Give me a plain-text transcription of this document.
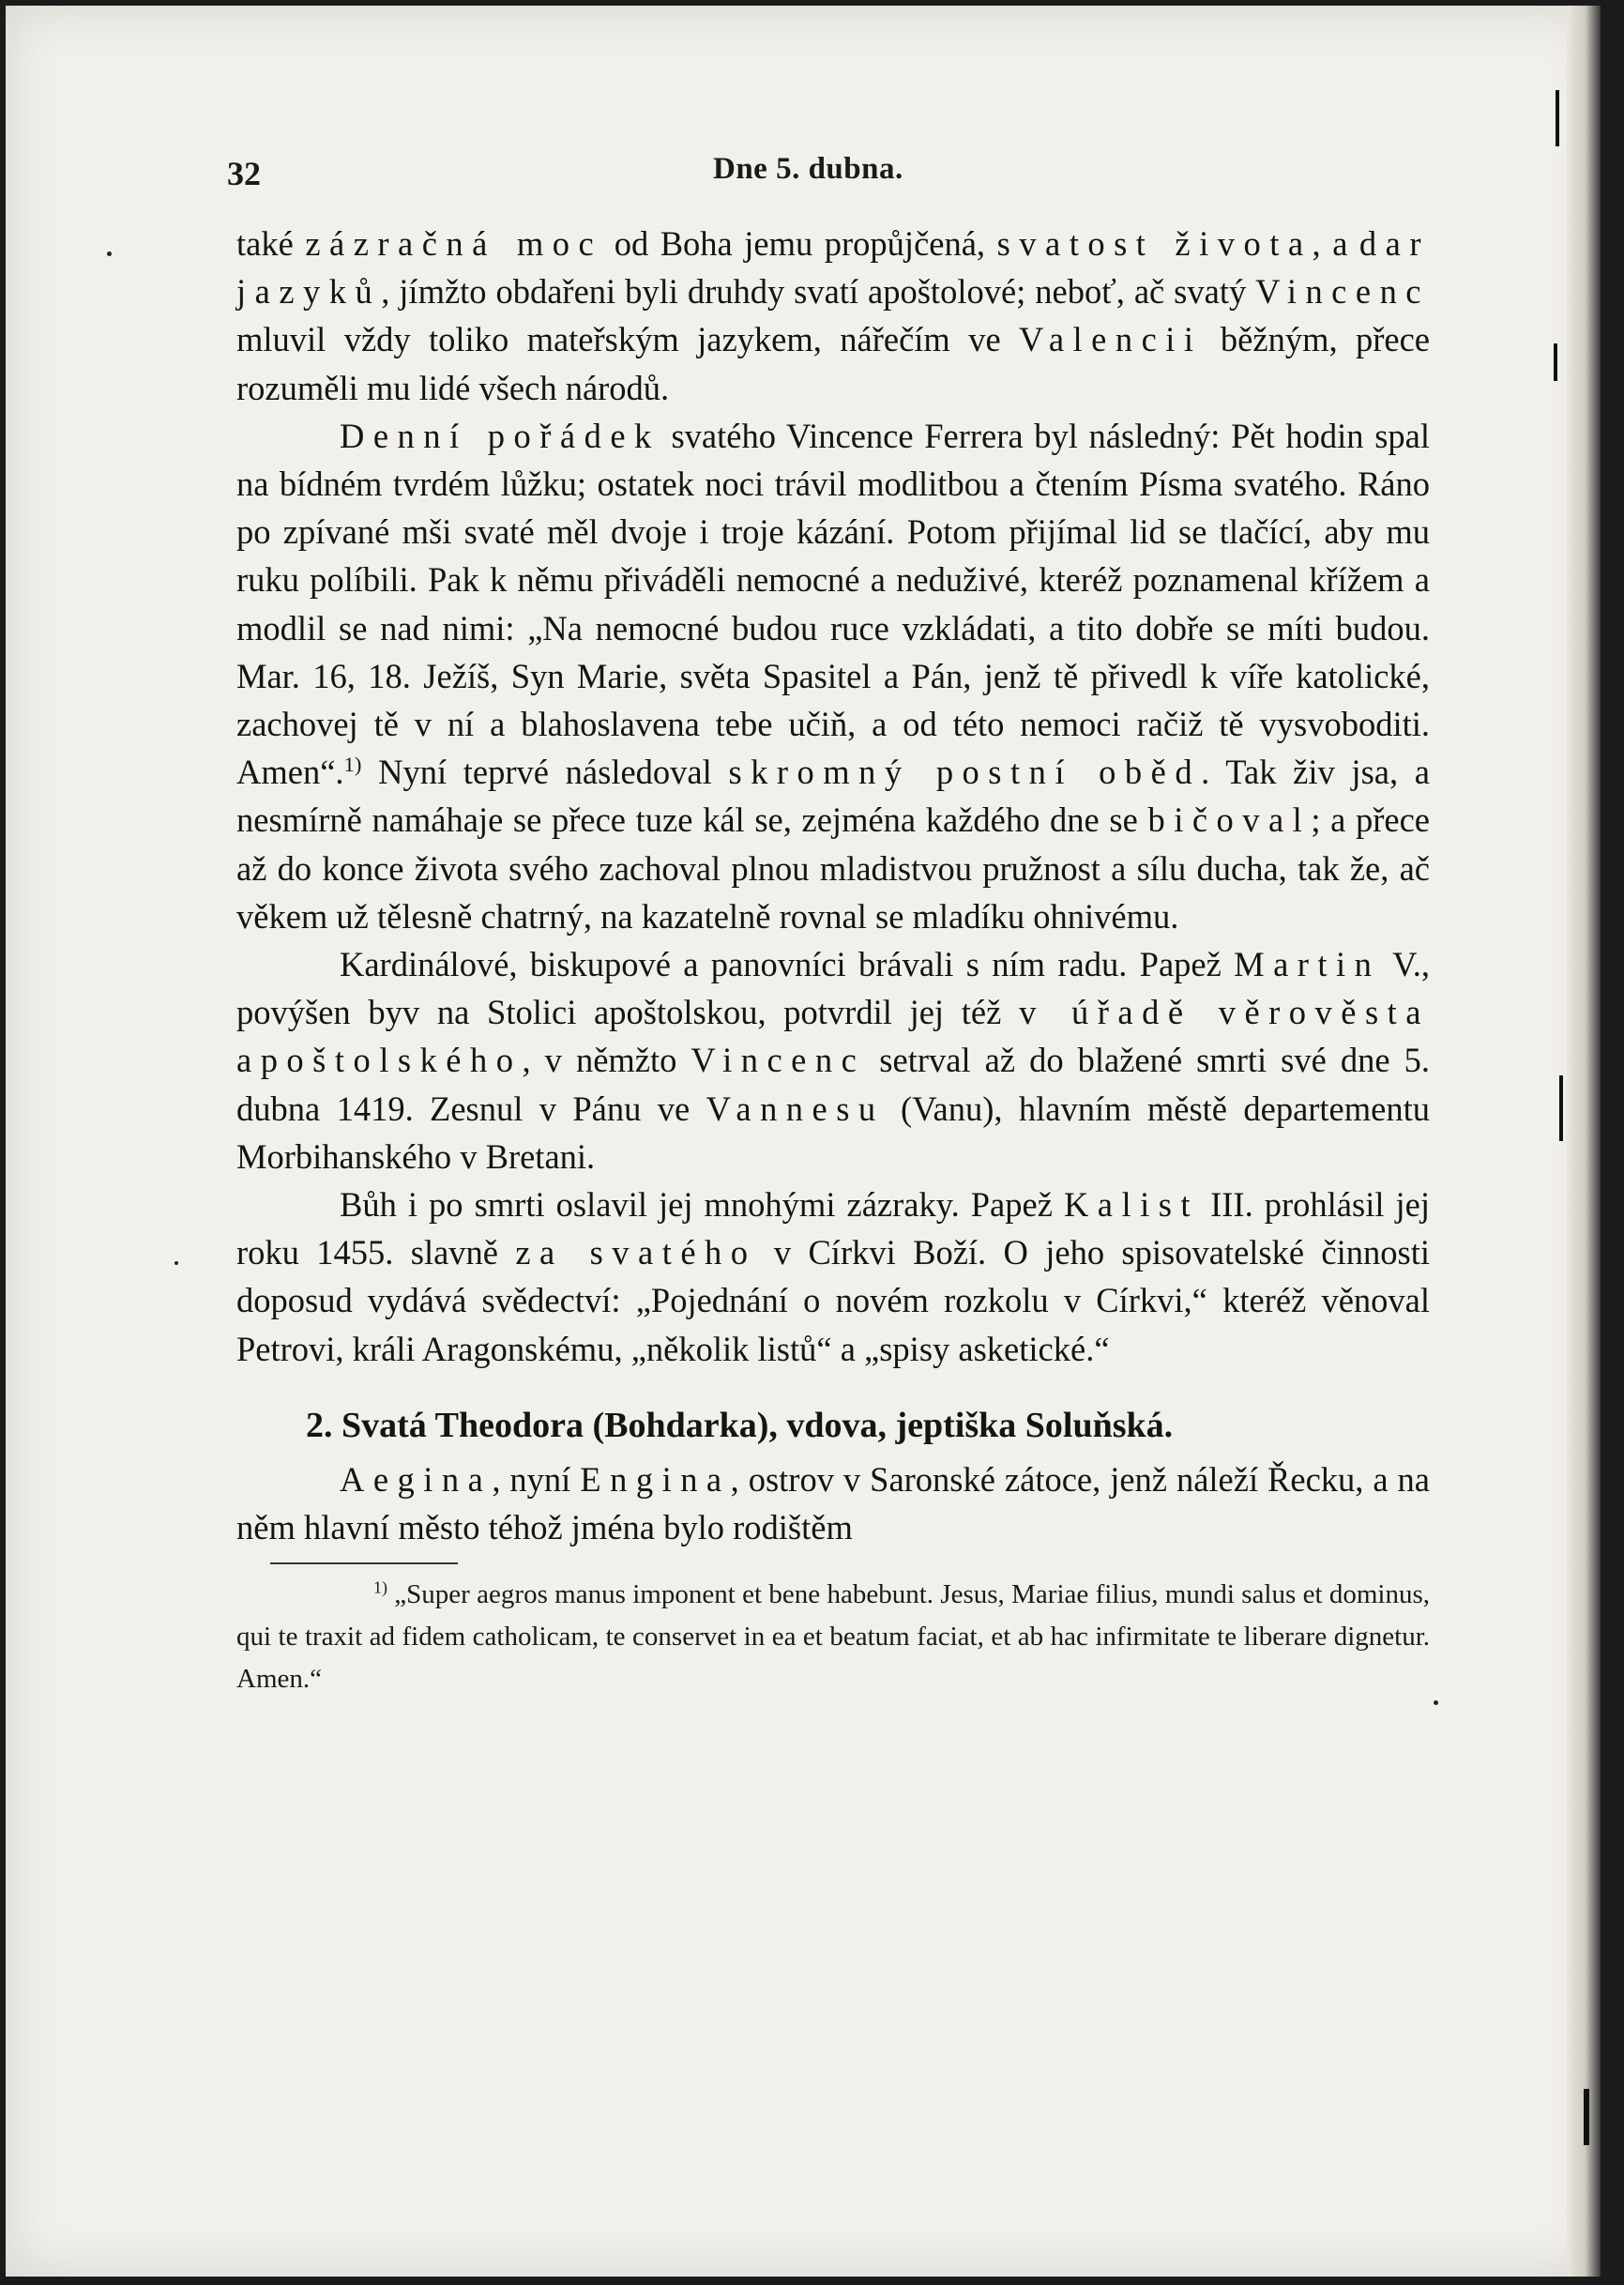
32	Dne 5. dubna.

také zázračná moc od Boha jemu propůjčená, svatost života, a dar jazyků, jímžto obdařeni byli druhdy svatí apoštolové; neboť, ač svatý Vincenc mluvil vždy toliko mateřským jazykem, nářečím ve Valencii běžným, přece rozuměli mu lidé všech národů.

Denní pořádek svatého Vincence Ferrera byl následný: Pět hodin spal na bídném tvrdém lůžku; ostatek noci trávil modlitbou a čtením Písma svatého. Ráno po zpívané mši svaté měl dvoje i troje kázání. Potom přijímal lid se tlačící, aby mu ruku políbili. Pak k němu přiváděli nemocné a neduživé, kteréž poznamenal křížem a modlil se nad nimi: „Na nemocné budou ruce vzkládati, a tito dobře se míti budou. Mar. 16, 18. Ježíš, Syn Marie, světa Spasitel a Pán, jenž tě přivedl k víře katolické, zachovej tě v ní a blahoslavena tebe učiň, a od této nemoci račiž tě vysvoboditi. Amen“.$^{1)}$ Nyní teprvé následoval skromný postní oběd. Tak živ jsa, a nesmírně namáhaje se přece tuze kál se, zejména každého dne se bičoval; a přece až do konce života svého zachoval plnou mladistvou pružnost a sílu ducha, tak že, ač věkem už tělesně chatrný, na kazatelně rovnal se mladíku ohnivému.

Kardinálové, biskupové a panovníci brávali s ním radu. Papež Martin V., povýšen byv na Stolici apoštolskou, potvrdil jej též v úřadě věrověsta apoštolského, v němžto Vincenc setrval až do blažené smrti své dne 5. dubna 1419. Zesnul v Pánu ve Vannesu (Vanu), hlavním městě departementu Morbihanského v Bretani.

Bůh i po smrti oslavil jej mnohými zázraky. Papež Kalist III. prohlásil jej roku 1455. slavně za svatého v Církvi Boží. O jeho spisovatelské činnosti doposud vydává svědectví: „Pojednání o novém rozkolu v Církvi,“ kteréž věnoval Petrovi, králi Aragonskému, „několik listů“ a „spisy asketické.“

2. Svatá Theodora (Bohdarka), vdova, jeptiška Soluňská.

Aegina, nyní Engina, ostrov v Saronské zátoce, jenž náleží Řecku, a na něm hlavní město téhož jména bylo rodištěm

$^{1)}$ „Super aegros manus imponent et bene habebunt. Jesus, Mariae filius, mundi salus et dominus, qui te traxit ad fidem catholicam, te conservet in ea et beatum faciat, et ab hac infirmitate te liberare dignetur. Amen.“
